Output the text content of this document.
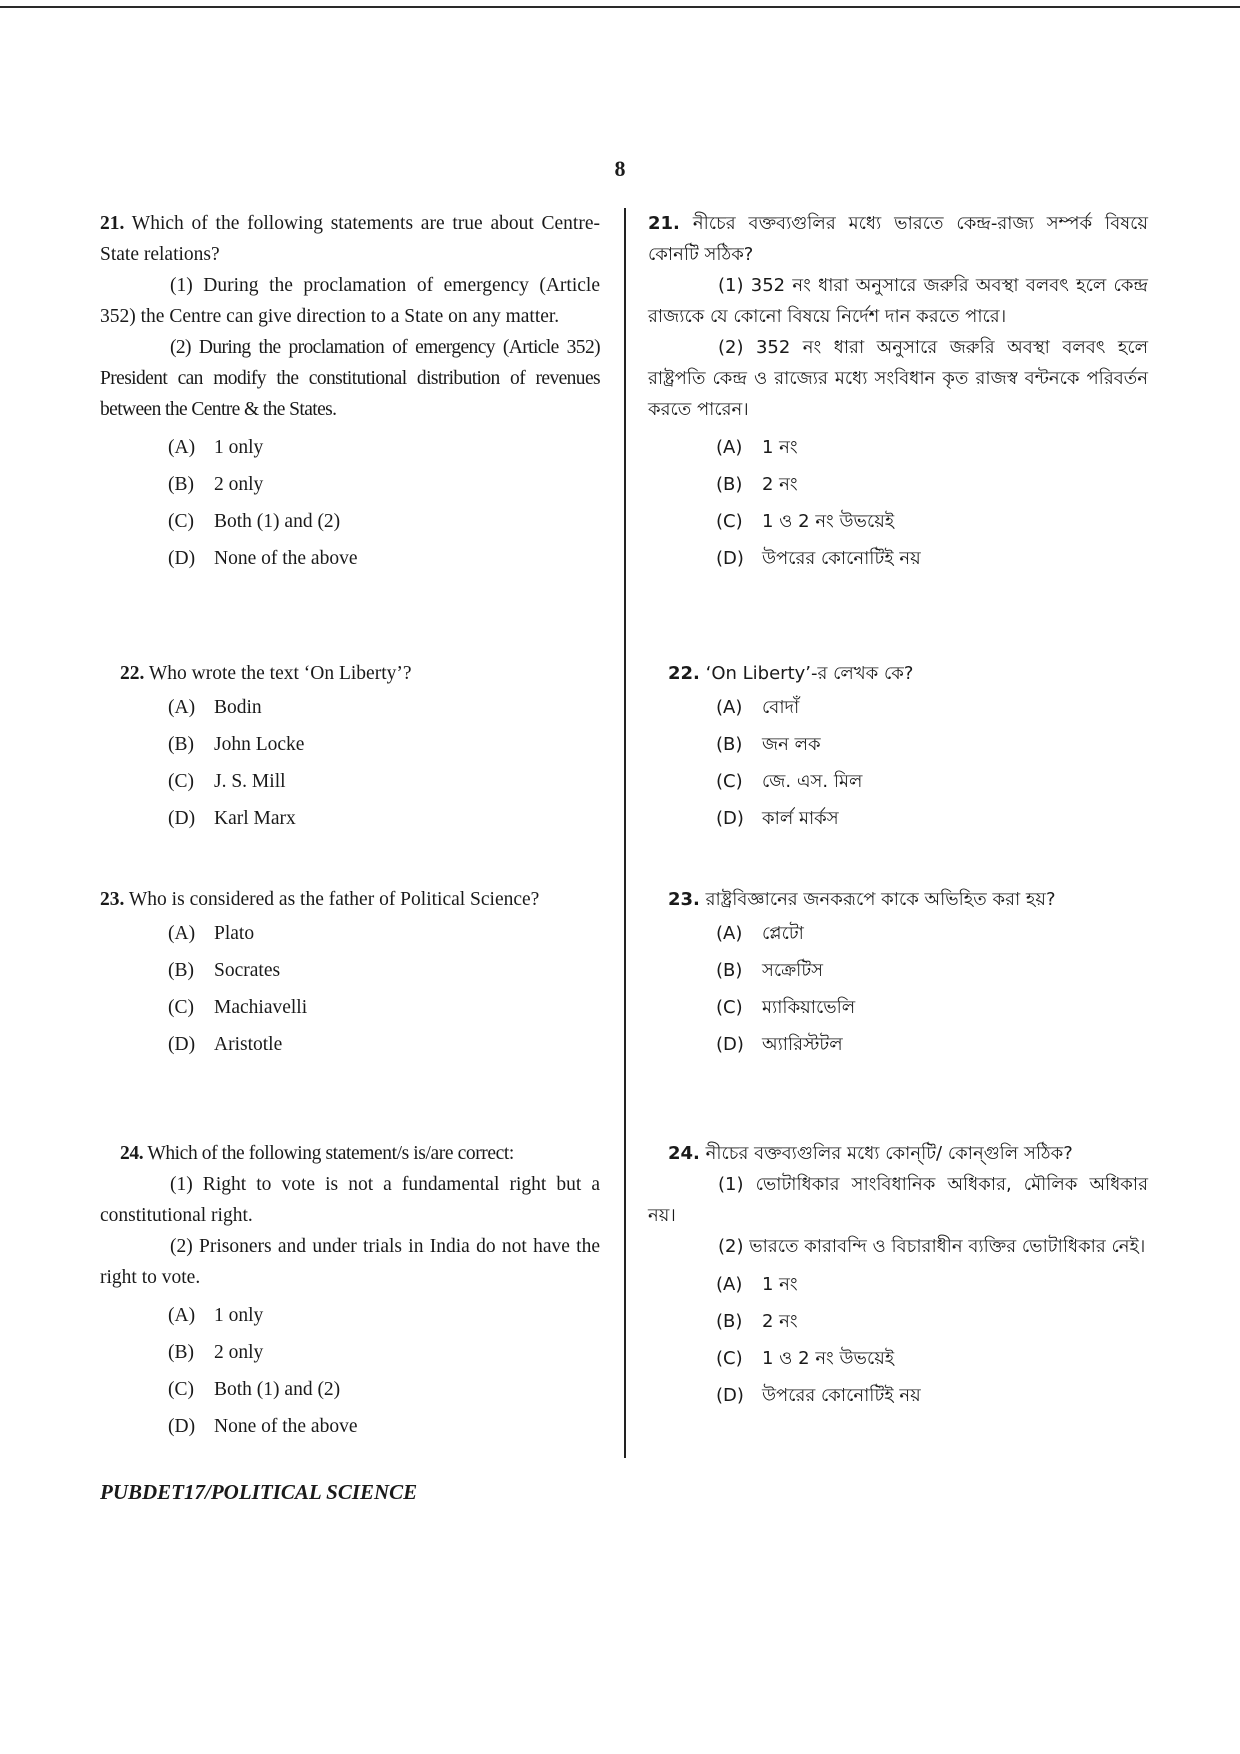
8

21. Which of the following statements are true about Centre-State relations?

(1) During the proclamation of emergency (Article 352) the Centre can give direction to a State on any matter.

(2) During the proclamation of emergency (Article 352) President can modify the constitutional distribution of revenues between the Centre & the States.

(A) 1 only

(B) 2 only

(C) Both (1) and (2)

(D) None of the above

22. Who wrote the text ‘On Liberty’?

(A) Bodin

(B) John Locke

(C) J. S. Mill

(D) Karl Marx

23. Who is considered as the father of Political Science?

(A) Plato

(B) Socrates

(C) Machiavelli

(D) Aristotle

24. Which of the following statement/s is/are correct:

(1) Right to vote is not a fundamental right but a constitutional right.

(2) Prisoners and under trials in India do not have the right to vote.

(A) 1 only

(B) 2 only

(C) Both (1) and (2)

(D) None of the above

21. নীচের বক্তব্যগুলির মধ্যে ভারতে কেন্দ্র-রাজ্য সম্পর্ক বিষয়ে কোনটি সঠিক?

(1) 352 নং ধারা অনুসারে জরুরি অবস্থা বলবৎ হলে কেন্দ্র রাজ্যকে যে কোনো বিষয়ে নির্দেশ দান করতে পারে।

(2) 352 নং ধারা অনুসারে জরুরি অবস্থা বলবৎ হলে রাষ্ট্রপতি কেন্দ্র ও রাজ্যের মধ্যে সংবিধান কৃত রাজস্ব বন্টনকে পরিবর্তন করতে পারেন।

(A) 1 নং

(B) 2 নং

(C) 1 ও 2 নং উভয়েই

(D) উপরের কোনোটিই নয়

22. ‘On Liberty’-র লেখক কে?

(A) বোদাঁ

(B) জন লক

(C) জে. এস. মিল

(D) কার্ল মার্কস

23. রাষ্ট্রবিজ্ঞানের জনকরূপে কাকে অভিহিত করা হয়?

(A) প্লেটো

(B) সক্রেটিস

(C) ম্যাকিয়াভেলি

(D) অ্যারিস্টটল

24. নীচের বক্তব্যগুলির মধ্যে কোন্‌টি/ কোন্‌গুলি সঠিক?

(1) ভোটাধিকার সাংবিধানিক অধিকার, মৌলিক অধিকার নয়।

(2) ভারতে কারাবন্দি ও বিচারাধীন ব্যক্তির ভোটাধিকার নেই।

(A) 1 নং

(B) 2 নং

(C) 1 ও 2 নং উভয়েই

(D) উপরের কোনোটিই নয়

PUBDET17/POLITICAL SCIENCE
